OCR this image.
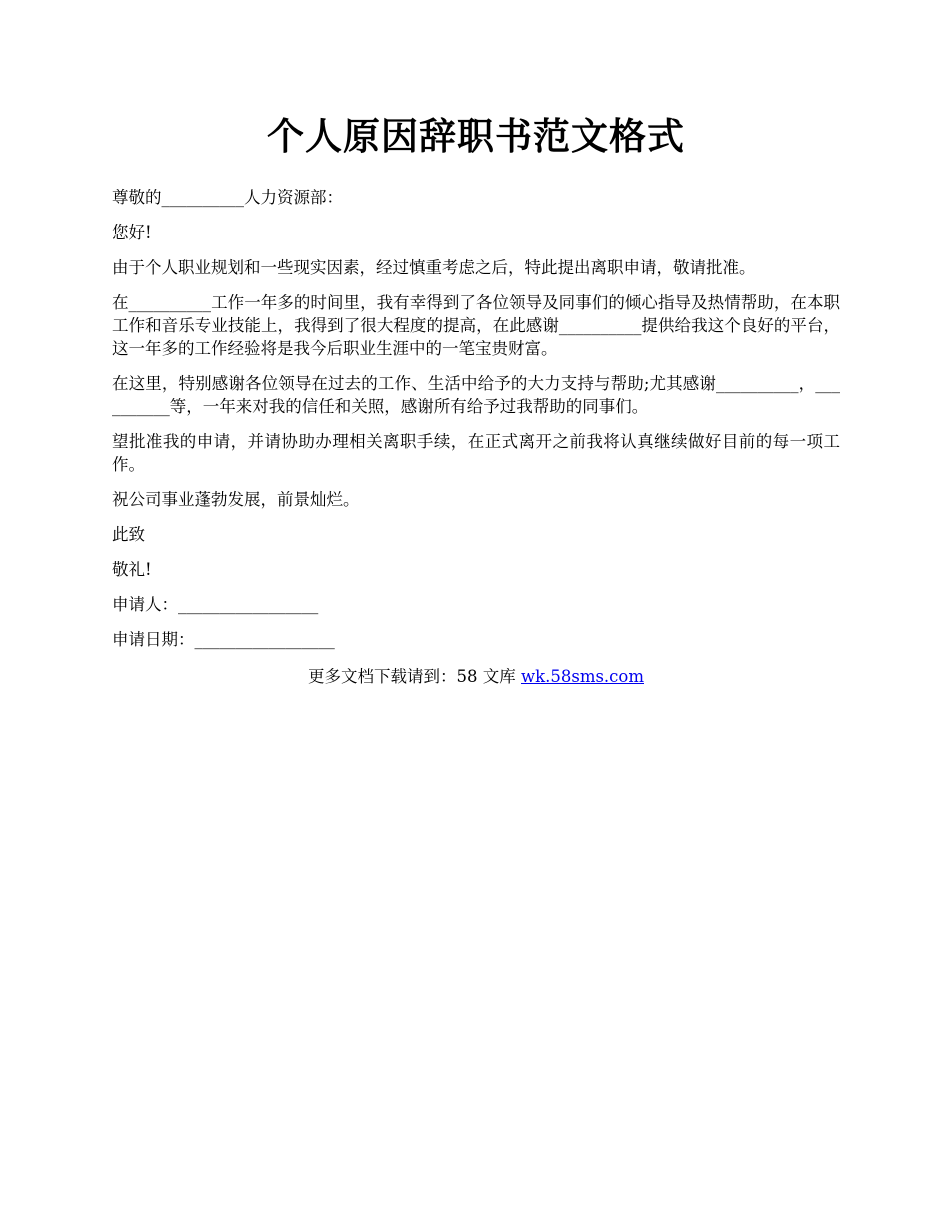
个人原因辞职书范文格式

尊敬的__________人力资源部：

您好!

由于个人职业规划和一些现实因素，经过慎重考虑之后，特此提出离职申请，敬请批准。

在__________工作一年多的时间里，我有幸得到了各位领导及同事们的倾心指导及热情帮助，在本职工作和音乐专业技能上，我得到了很大程度的提高，在此感谢__________提供给我这个良好的平台，这一年多的工作经验将是我今后职业生涯中的一笔宝贵财富。

在这里，特别感谢各位领导在过去的工作、生活中给予的大力支持与帮助;尤其感谢__________，__________等，一年来对我的信任和关照，感谢所有给予过我帮助的同事们。

望批准我的申请，并请协助办理相关离职手续，在正式离开之前我将认真继续做好目前的每一项工作。

祝公司事业蓬勃发展，前景灿烂。

此致

敬礼!

申请人：_________________

申请日期：_________________

更多文档下载请到：58 文库 wk.58sms.com
